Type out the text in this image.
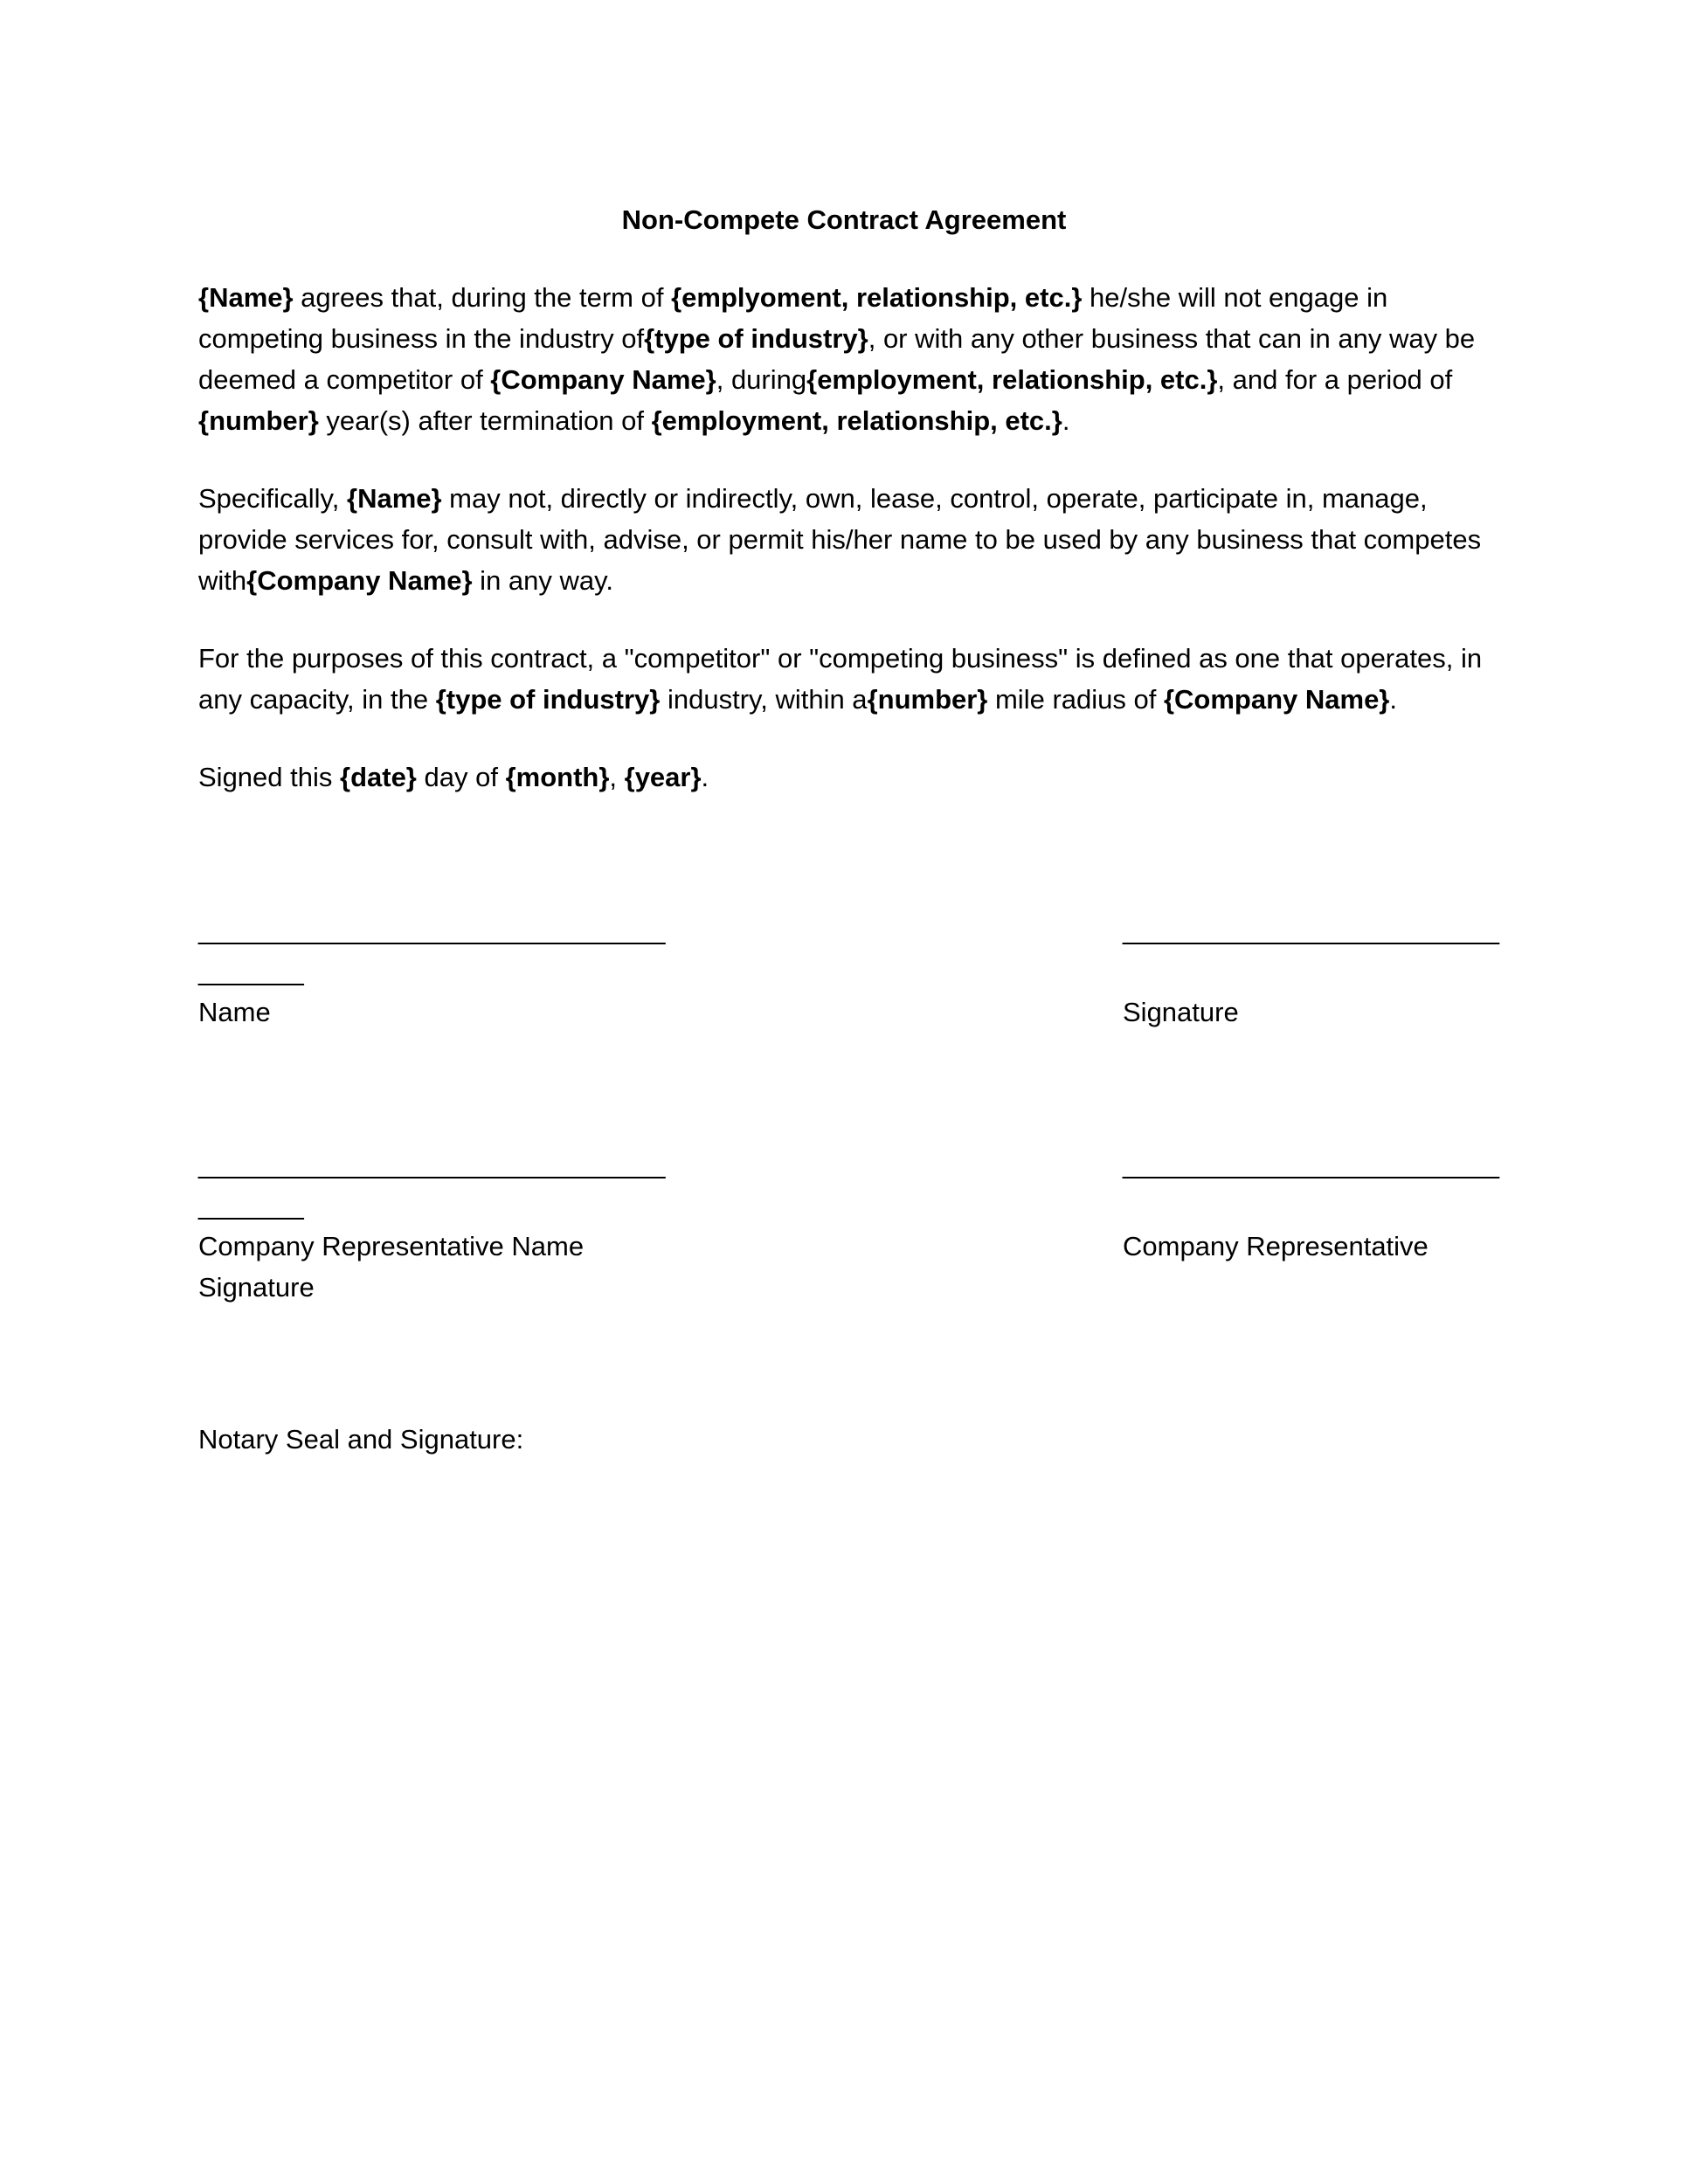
Non-Compete Contract Agreement

{Name} agrees that, during the term of {emplyoment, relationship, etc.} he/she will not engage in competing business in the industry of{type of industry}, or with any other business that can in any way be deemed a competitor of {Company Name}, during{employment, relationship, etc.}, and for a period of {number} year(s) after termination of {employment, relationship, etc.}.

Specifically, {Name} may not, directly or indirectly, own, lease, control, operate, participate in, manage, provide services for, consult with, advise, or permit his/her name to be used by any business that competes with{Company Name} in any way.

For the purposes of this contract, a "competitor" or "competing business" is defined as one that operates, in any capacity, in the {type of industry} industry, within a{number} mile radius of {Company Name}.

Signed this {date} day of {month}, {year}.

_______________________________
_______
Name
_________________________
Signature
_______________________________
_______
Company Representative Name
Signature
_________________________
Company Representative

Notary Seal and Signature:
